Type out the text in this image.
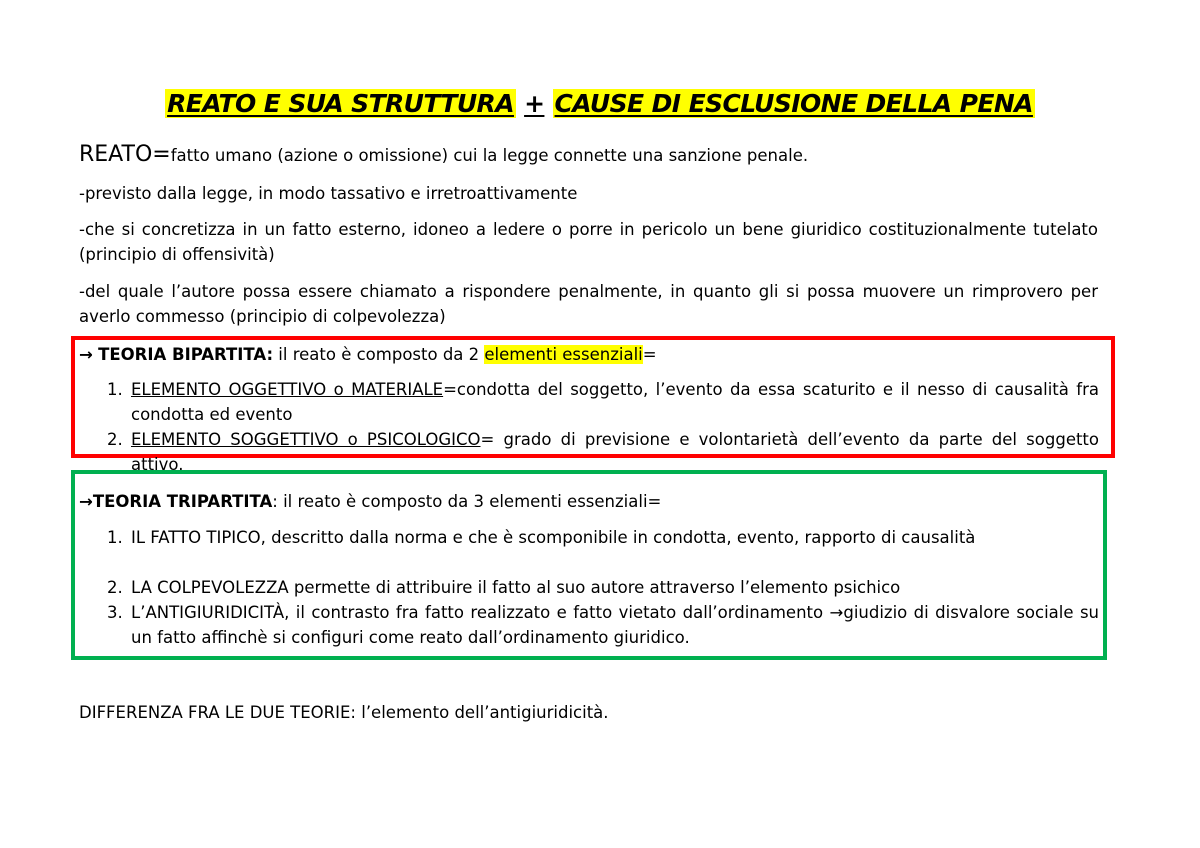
REATO E SUA STRUTTURA + CAUSE DI ESCLUSIONE DELLA PENA
REATO=fatto umano (azione o omissione) cui la legge connette una sanzione penale.
-previsto dalla legge, in modo tassativo e irretroattivamente
-che si concretizza in un fatto esterno, idoneo a ledere o porre in pericolo un bene giuridico costituzionalmente tutelato (principio di offensività)
-del quale l’autore possa essere chiamato a rispondere penalmente, in quanto gli si possa muovere un rimprovero per averlo commesso (principio di colpevolezza)
→ TEORIA BIPARTITA: il reato è composto da 2 elementi essenziali=
1. ELEMENTO OGGETTIVO o MATERIALE=condotta del soggetto, l’evento da essa scaturito e il nesso di causalità fra condotta ed evento
2. ELEMENTO SOGGETTIVO o PSICOLOGICO= grado di previsione e volontarietà dell’evento da parte del soggetto attivo.
→TEORIA TRIPARTITA: il reato è composto da 3 elementi essenziali=
1. IL FATTO TIPICO, descritto dalla norma e che è scomponibile in condotta, evento, rapporto di causalità
2. LA COLPEVOLEZZA permette di attribuire il fatto al suo autore attraverso l’elemento psichico
3. L’ANTIGIURIDICITÀ, il contrasto fra fatto realizzato e fatto vietato dall’ordinamento →giudizio di disvalore sociale su un fatto affinchè si configuri come reato dall’ordinamento giuridico.
DIFFERENZA FRA LE DUE TEORIE: l’elemento dell’antigiuridicità.
